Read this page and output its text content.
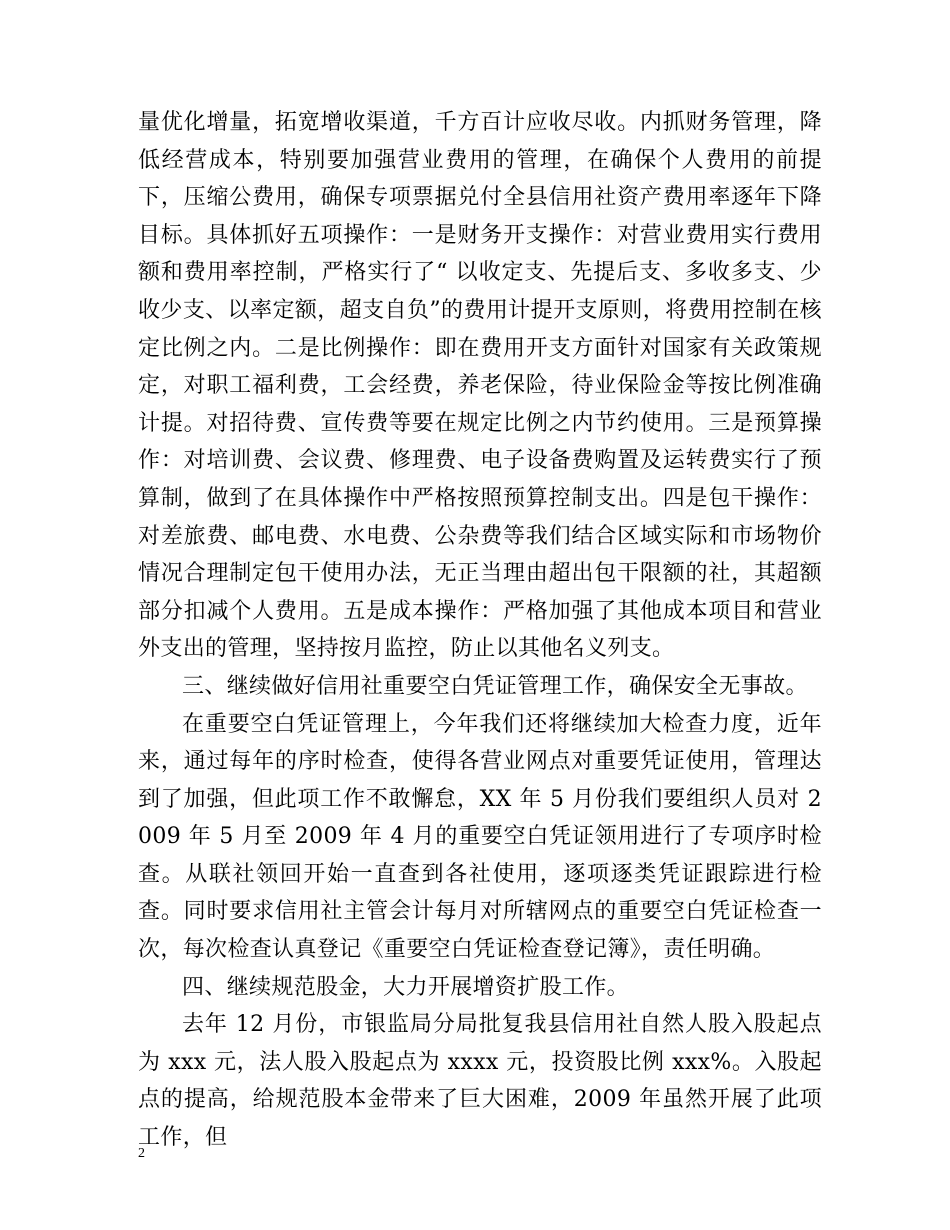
量优化增量，拓宽增收渠道，千方百计应收尽收。内抓财务管理，降低经营成本，特别要加强营业费用的管理，在确保个人费用的前提下，压缩公费用，确保专项票据兑付全县信用社资产费用率逐年下降目标。具体抓好五项操作：一是财务开支操作：对营业费用实行费用额和费用率控制，严格实行了“ 以收定支、先提后支、多收多支、少收少支、以率定额，超支自负”的费用计提开支原则，将费用控制在核定比例之内。二是比例操作：即在费用开支方面针对国家有关政策规定，对职工福利费，工会经费，养老保险，待业保险金等按比例准确计提。对招待费、宣传费等要在规定比例之内节约使用。三是预算操作：对培训费、会议费、修理费、电子设备费购置及运转费实行了预算制，做到了在具体操作中严格按照预算控制支出。四是包干操作：对差旅费、邮电费、水电费、公杂费等我们结合区域实际和市场物价情况合理制定包干使用办法，无正当理由超出包干限额的社，其超额部分扣减个人费用。五是成本操作：严格加强了其他成本项目和营业外支出的管理，坚持按月监控，防止以其他名义列支。

三、继续做好信用社重要空白凭证管理工作，确保安全无事故。

在重要空白凭证管理上，今年我们还将继续加大检查力度，近年来，通过每年的序时检查，使得各营业网点对重要凭证使用，管理达到了加强，但此项工作不敢懈怠，XX 年 5 月份我们要组织人员对 2009 年 5 月至 2009 年 4 月的重要空白凭证领用进行了专项序时检查。从联社领回开始一直查到各社使用，逐项逐类凭证跟踪进行检查。同时要求信用社主管会计每月对所辖网点的重要空白凭证检查一次，每次检查认真登记《重要空白凭证检查登记簿》，责任明确。

四、继续规范股金，大力开展增资扩股工作。

去年 12 月份，市银监局分局批复我县信用社自然人股入股起点为 xxx 元，法人股入股起点为 xxxx 元，投资股比例 xxx%。入股起点的提高，给规范股本金带来了巨大困难，2009 年虽然开展了此项工作，但

2
